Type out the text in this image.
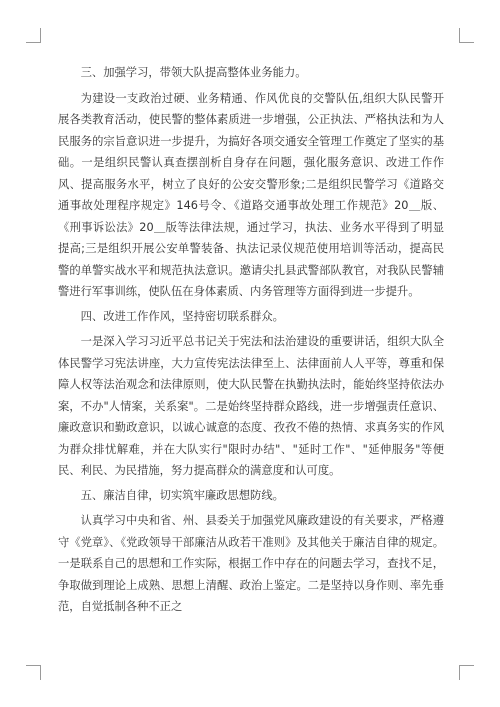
三、加强学习，带领大队提高整体业务能力。

为建设一支政治过硬、业务精通、作风优良的交警队伍,组织大队民警开展各类教育活动，使民警的整体素质进一步增强，公正执法、严格执法和为人民服务的宗旨意识进一步提升，为搞好各项交通安全管理工作奠定了坚实的基础。一是组织民警认真查摆剖析自身存在问题，强化服务意识、改进工作作风、提高服务水平，树立了良好的公安交警形象;二是组织民警学习《道路交通事故处理程序规定》146号令、《道路交通事故处理工作规范》20＿版、《刑事诉讼法》20＿版等法律法规，通过学习，执法、业务水平得到了明显提高;三是组织开展公安单警装备、执法记录仪规范使用培训等活动，提高民警的单警实战水平和规范执法意识。邀请尖扎县武警部队教官，对我队民警辅警进行军事训练，使队伍在身体素质、内务管理等方面得到进一步提升。

四、改进工作作风，坚持密切联系群众。

一是深入学习习近平总书记关于宪法和法治建设的重要讲话，组织大队全体民警学习宪法讲座，大力宣传宪法法律至上、法律面前人人平等，尊重和保障人权等法治观念和法律原则，使大队民警在执勤执法时，能始终坚持依法办案，不办"人情案，关系案"。二是始终坚持群众路线，进一步增强责任意识、廉政意识和勤政意识，以诚心诚意的态度、孜孜不倦的热情、求真务实的作风为群众排忧解难，并在大队实行"限时办结"、"延时工作"、"延伸服务"等便民、利民、为民措施，努力提高群众的满意度和认可度。

五、廉洁自律，切实筑牢廉政思想防线。

认真学习中央和省、州、县委关于加强党风廉政建设的有关要求，严格遵守《党章》、《党政领导干部廉洁从政若干准则》及其他关于廉洁自律的规定。一是联系自己的思想和工作实际，根据工作中存在的问题去学习，查找不足，争取做到理论上成熟、思想上清醒、政治上鉴定。二是坚持以身作则、率先垂范，自觉抵制各种不正之
